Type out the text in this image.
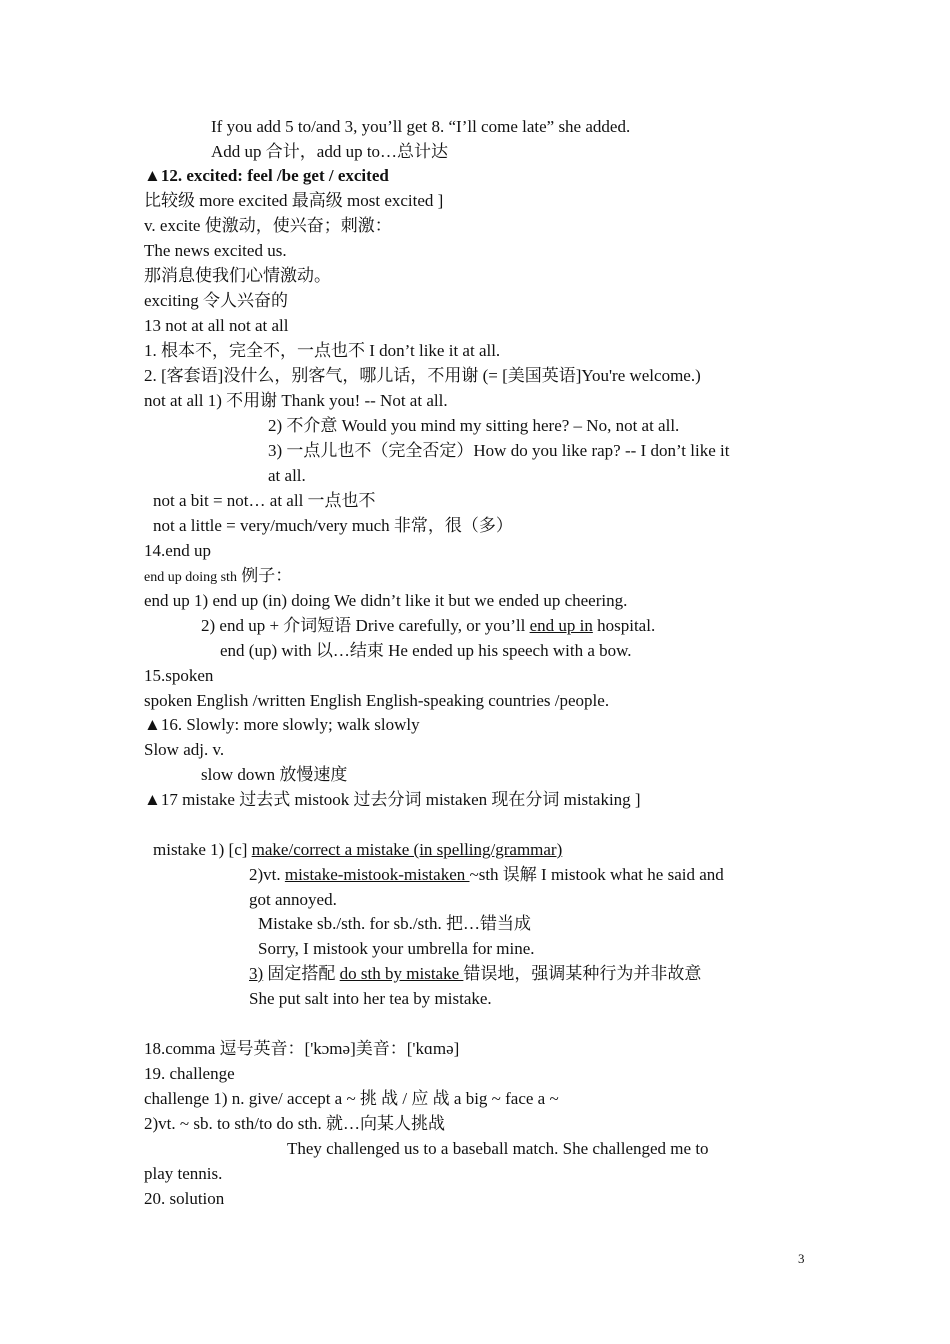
If you add 5 to/and 3, you’ll get 8. “I’ll come late” she added.
Add up 合计，add up to…总计达
▲12. excited: feel /be get / excited
比较级 more excited 最高级 most excited ]
v. excite 使激动，使兴奋；刺激：
The news excited us.
那消息使我们心情激动。
exciting 令人兴奋的
13 not at all not at all
1. 根本不，完全不，一点也不 I don’t like it at all.
2. [客套语]没什么，别客气，哪儿话，不用谢 (= [美国英语]You're welcome.)
not at all 1) 不用谢 Thank you! -- Not at all.
2) 不介意 Would you mind my sitting here? – No, not at all.
3) 一点儿也不（完全否定）How do you like rap? -- I don’t like it
at all.
not a bit = not… at all 一点也不
not a little = very/much/very much 非常，很（多）
14.end up
end up doing sth 例子：
end up 1) end up (in) doing We didn’t like it but we ended up cheering.
2) end up + 介词短语 Drive carefully, or you’ll end up in hospital.
end (up) with 以…结束 He ended up his speech with a bow.
15.spoken
spoken English /written English English-speaking countries /people.
▲16. Slowly: more slowly; walk slowly
Slow adj. v.
slow down 放慢速度
▲17 mistake 过去式 mistook 过去分词 mistaken 现在分词 mistaking ]
mistake 1) [c] make/correct a mistake (in spelling/grammar)
2)vt. mistake-mistook-mistaken ~sth 误解 I mistook what he said and
got annoyed.
Mistake sb./sth. for sb./sth. 把…错当成
Sorry, I mistook your umbrella for mine.
3) 固定搭配 do sth by mistake 错误地，强调某种行为并非故意
She put salt into her tea by mistake.
18.comma 逗号英音：['kɔmə]美音：['kɑmə]
19. challenge
challenge 1) n. give/ accept a ~ 挑 战 / 应 战 a big ~ face a ~
2)vt. ~ sb. to sth/to do sth. 就…向某人挑战
They challenged us to a baseball match. She challenged me to
play tennis.
20. solution
3
